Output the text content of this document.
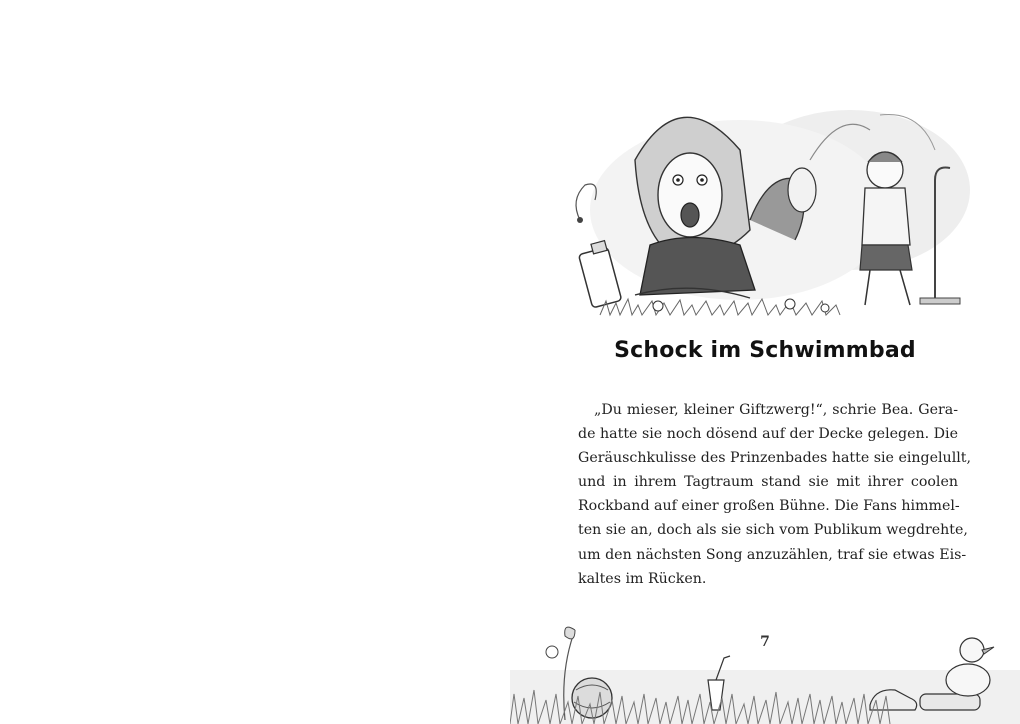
Schock im Schwimmbad
„Du mieser, kleiner Giftzwerg!“, schrie Bea. Gera-
de hatte sie noch dösend auf der Decke gelegen. Die
Geräuschkulisse des Prinzenbades hatte sie eingelullt,
und in ihrem Tagtraum stand sie mit ihrer coolen
Rockband auf einer großen Bühne. Die Fans himmel-
ten sie an, doch als sie sich vom Publikum wegdrehte,
um den nächsten Song anzuzählen, traf sie etwas Eis-
kaltes im Rücken.
7
